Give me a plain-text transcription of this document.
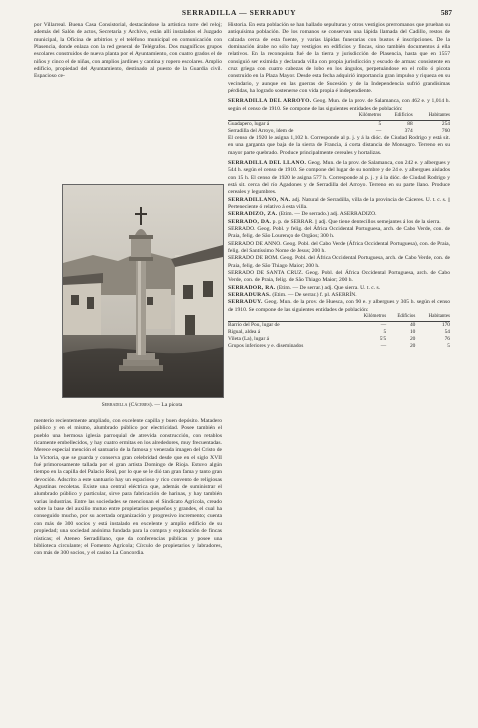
SERRADILLA — SERRADUY	587

por Villarreal. Buena Casa Consistorial, destacándose la artística torre del reloj; además del Salón de actos, Secretaría y Archivo, están allí instalados el Juzgado municipal, la Oficina de arbitrios y el teléfono municipal en comunicación con Plasencia, donde enlaza con la red general de Telégrafos. Dos magníficos grupos escolares construidos de nueva planta por el Ayuntamiento, con cuatro grados el de niños y cinco el de niñas, con amplios jardines y cantina y ropero escolares. Amplio edificio, propiedad del Ayuntamiento, destinado al puesto de la Guardia civil. Espacioso ce-

Serradilla (Cáceres). — La picota

menterio recientemente ampliado, con excelente capilla y buen depósito. Matadero público y en el mismo, alumbrado público por electricidad. Posee también el pueblo una hermosa iglesia parroquial de atrevida construcción, con retablos ricamente embellecidos, y hay cuatro ermitas en los alrededores, muy frecuentadas. Merece especial mención el santuario de la famosa y venerada imagen del Cristo de la Victoria, que se guarda y conserva gran celebridad desde que en el siglo XVII fué primorosamente tallada por el gran artista Domingo de Rioja. Estuvo algún tiempo en la capilla del Palacio Real, por lo que se le dió tan gran fama y tanto gran devoción. Adscrito a este santuario hay un espacioso y rico convento de religiosas Agustinas recoletas. Existe una central eléctrica que, además de suministrar el alumbrado público y particular, sirve para fabricación de harinas, y hay también varias industrias. Entre las sociedades se mencionan el Sindicato Agrícola, creado sobre la base del auxilio mutuo entre propietarios pequeños y grandes, el cual ha conseguido mucho, por su acertada organización y progresivo incremento; cuenta con más de 300 socios y está instalado en excelente y amplio edificio de su propiedad; una sociedad anónima fundada para la compra y explotación de fincas rústicas; el Ateneo Serradillano, que da conferencias públicas y posee una biblioteca circulante; el Fomento Agrícola; Círculo de propietarios y labradores, con más de 300 socios, y el casino La Concordia.

Historia. En esta población se han hallado sepulturas y otros vestigios prerromanos que prueban su antiquísima población. De los romanos se conservan una lápida llamada del Cadillo, restos de calzada cerca de esta fuente, y varias lápidas funerarias con bustos é inscripciones. De la dominación árabe no sólo hay vestigios en edificios y fincas, sino también documentos á ella relativos. En la reconquista fué de la tierra y jurisdicción de Plasencia, hasta que en 1557 consiguió ser eximida y declarada villa con propia jurisdicción y escudo de armas: consistente en cruz griega con cuatro cabezas de lobo en los ángulos, perpetuándose en el rollo ó picota construído en la Plaza Mayor. Desde esta fecha adquirió importancia gran impulso y riqueza en su vecindario, y aunque en las guerras de Sucesión y de la Independencia sufrió grandísimas pérdidas, ha logrado sostenerse con vida propia é independiente.

SERRADILLA DEL ARROYO. Geog. Mun. de la prov. de Salamanca, con 462 e. y 1,014 h. según el censo de 1910. Se compone de las siguientes entidades de población:

	Kilómetros	Edificios	Habitantes
Guadapero, lugar á	5	88	254
Serradilla del Arroyo, idem de	—	374	760

El censo de 1920 le asigna 1,102 h. Corresponde al p. j. y á la dióc. de Ciudad Rodrigo y está sit. en una garganta que baja de la sierra de Francia, á corta distancia de Monsagro. Terreno en su mayor parte quebrado. Produce principalmente cereales y hortalizas.

SERRADILLA DEL LLANO. Geog. Mun. de la prov. de Salamanca, con 242 e. y albergues y 544 h. según el censo de 1910. Se compone del lugar de su nombre y de 24 e. y albergues aislados con 15 h. El censo de 1920 le asigna 577 h. Corresponde al p. j. y á la dióc. de Ciudad Rodrigo y está sit. cerca del río Agadones y de Serradilla del Arroyo. Terreno en su parte llano. Produce cereales y legumbres.

SERRADILLANO, NA. adj. Natural de Serradilla, villa de la provincia de Cáceres. U. t. c. s. || Perteneciente ó relativo á esta villa.

SERRADIZO, ZA. (Etim. — De serrado.) adj. ASERRADIZO.

SERRADO, DA. p. p. de SERRAR. || adj. Que tiene dentecillos semejantes á los de la sierra.

SERRADO. Geog. Pobl. y felig. del África Occidental Portuguesa, arch. de Cabo Verde, con. de Praia, felig. de São Lourenço de Orgãos; 300 h.

SERRADO DE ANNO. Geog. Pobl. del Cabo Verde (África Occidental Portuguesa), con. de Praia, felig. del Santíssimo Nome de Jesus; 200 h.

SERRADO DE BOM. Geog. Pobl. del África Occidental Portuguesa, arch. de Cabo Verde, con. de Praia, felig. de São Thiago Maior; 200 h.

SERRADO DE SANTA CRUZ. Geog. Pobl. del África Occidental Portuguesa, arch. de Cabo Verde, con. de Praia, felig. de São Thiago Maior; 200 h.

SERRADOR, RA. (Etim. — De serrar.) adj. Que sierra. U. t. c. s.

SERRADURAS. (Etim. — De serrar.) f. pl. ASERRÍN.

SERRADUY. Geog. Mun. de la prov. de Huesca, con 90 e. y albergues y 305 h. según el censo de 1910. Se compone de las siguientes entidades de población:

	Kilómetros	Edificios	Habitantes
Barrio del Pou, lugar de	—	40	170
Rigual, aldea á	5	10	54
Vileta (La), lugar á	5'5	20	76
Grupos inferiores y e. diseminados	—	20	5
